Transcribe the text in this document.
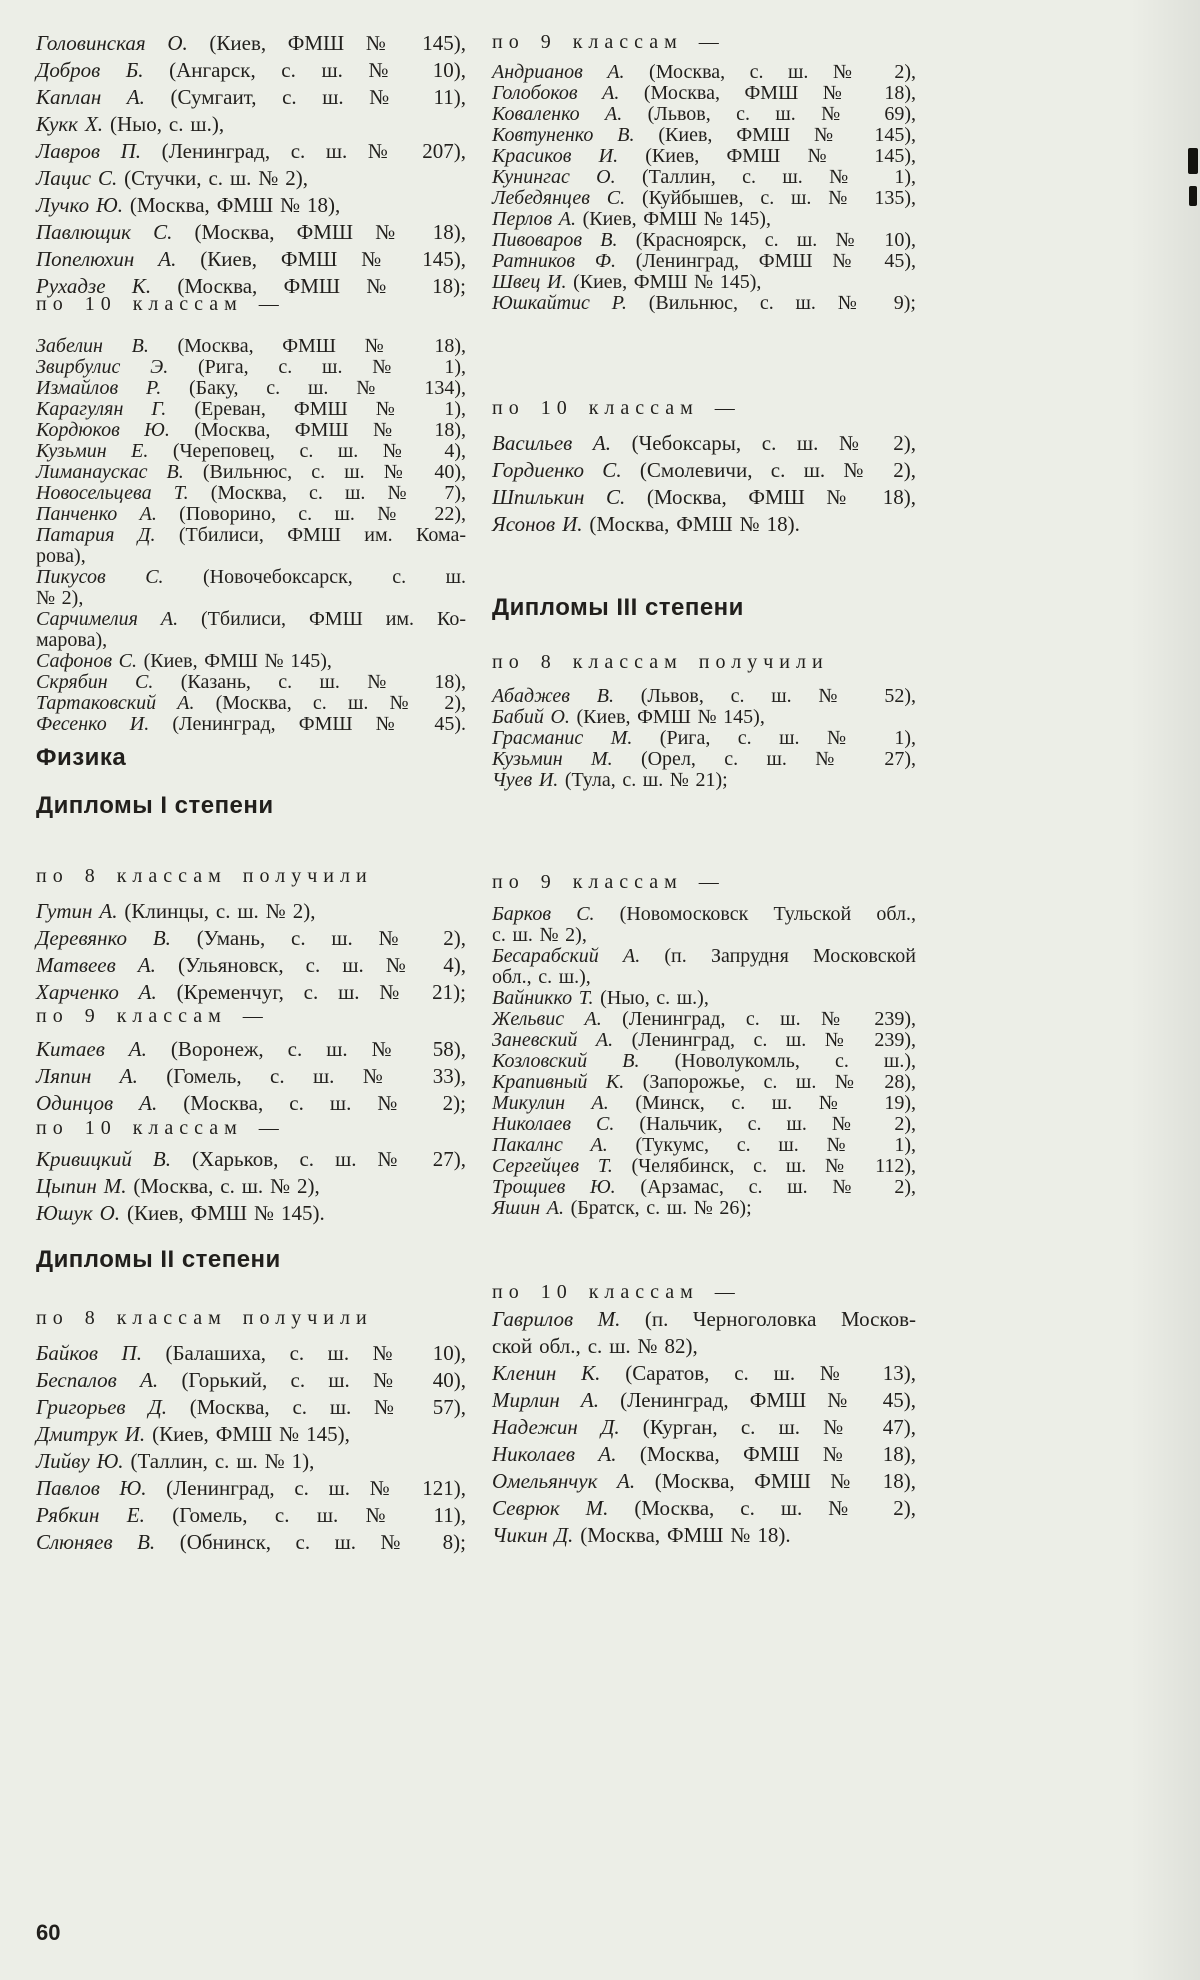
Головинская О. (Киев, ФМШ № 145),
Добров Б. (Ангарск, с. ш. № 10),
Каплан А. (Сумгаит, с. ш. № 11),
Кукк Х. (Ныо, с. ш.),
Лавров П. (Ленинград, с. ш. № 207),
Лацис С. (Стучки, с. ш. № 2),
Лучко Ю. (Москва, ФМШ № 18),
Павлющик С. (Москва, ФМШ № 18),
Попелюхин А. (Киев, ФМШ № 145),
Рухадзе К. (Москва, ФМШ № 18);
по 10 классам —
Забелин В. (Москва, ФМШ № 18),
Звирбулис Э. (Рига, с. ш. № 1),
Измайлов Р. (Баку, с. ш. № 134),
Карагулян Г. (Ереван, ФМШ № 1),
Кордюков Ю. (Москва, ФМШ № 18),
Кузьмин Е. (Череповец, с. ш. № 4),
Лиманаускас В. (Вильнюс, с. ш. № 40),
Новосельцева Т. (Москва, с. ш. № 7),
Панченко А. (Поворино, с. ш. № 22),
Патария Д. (Тбилиси, ФМШ им. Кома-
рова),
Пикусов С. (Новочебоксарск, с. ш.
№ 2),
Сарчимелия А. (Тбилиси, ФМШ им. Ко-
марова),
Сафонов С. (Киев, ФМШ № 145),
Скрябин С. (Казань, с. ш. № 18),
Тартаковский А. (Москва, с. ш. № 2),
Фесенко И. (Ленинград, ФМШ № 45).
Физика
Дипломы I степени
по 8 классам получили
Гутин А. (Клинцы, с. ш. № 2),
Деревянко В. (Умань, с. ш. № 2),
Матвеев А. (Ульяновск, с. ш. № 4),
Харченко А. (Кременчуг, с. ш. № 21);
по 9 классам —
Китаев А. (Воронеж, с. ш. № 58),
Ляпин А. (Гомель, с. ш. № 33),
Одинцов А. (Москва, с. ш. № 2);
по 10 классам —
Кривицкий В. (Харьков, с. ш. № 27),
Цыпин М. (Москва, с. ш. № 2),
Юшук О. (Киев, ФМШ № 145).
Дипломы II степени
по 8 классам получили
Байков П. (Балашиха, с. ш. № 10),
Беспалов А. (Горький, с. ш. № 40),
Григорьев Д. (Москва, с. ш. № 57),
Дмитрук И. (Киев, ФМШ № 145),
Лийву Ю. (Таллин, с. ш. № 1),
Павлов Ю. (Ленинград, с. ш. № 121),
Рябкин Е. (Гомель, с. ш. № 11),
Слюняев В. (Обнинск, с. ш. № 8);
по 9 классам —
Андрианов А. (Москва, с. ш. № 2),
Голобоков А. (Москва, ФМШ № 18),
Коваленко А. (Львов, с. ш. № 69),
Ковтуненко В. (Киев, ФМШ № 145),
Красиков И. (Киев, ФМШ № 145),
Кунингас О. (Таллин, с. ш. № 1),
Лебедянцев С. (Куйбышев, с. ш. № 135),
Перлов А. (Киев, ФМШ № 145),
Пивоваров В. (Красноярск, с. ш. № 10),
Ратников Ф. (Ленинград, ФМШ № 45),
Швец И. (Киев, ФМШ № 145),
Юшкайтис Р. (Вильнюс, с. ш. № 9);
по 10 классам —
Васильев А. (Чебоксары, с. ш. № 2),
Гордиенко С. (Смолевичи, с. ш. № 2),
Шпилькин С. (Москва, ФМШ № 18),
Ясонов И. (Москва, ФМШ № 18).
Дипломы III степени
по 8 классам получили
Абаджев В. (Львов, с. ш. № 52),
Бабий О. (Киев, ФМШ № 145),
Грасманис М. (Рига, с. ш. № 1),
Кузьмин М. (Орел, с. ш. № 27),
Чуев И. (Тула, с. ш. № 21);
по 9 классам —
Барков С. (Новомосковск Тульской обл.,
с. ш. № 2),
Бесарабский А. (п. Запрудня Московской
обл., с. ш.),
Вайникко Т. (Ныо, с. ш.),
Жельвис А. (Ленинград, с. ш. № 239),
Заневский А. (Ленинград, с. ш. № 239),
Козловский В. (Новолукомль, с. ш.),
Крапивный К. (Запорожье, с. ш. № 28),
Микулин А. (Минск, с. ш. № 19),
Николаев С. (Нальчик, с. ш. № 2),
Пакалнс А. (Тукумс, с. ш. № 1),
Сергейцев Т. (Челябинск, с. ш. № 112),
Трощиев Ю. (Арзамас, с. ш. № 2),
Яшин А. (Братск, с. ш. № 26);
по 10 классам —
Гаврилов М. (п. Черноголовка Москов-
ской обл., с. ш. № 82),
Кленин К. (Саратов, с. ш. № 13),
Мирлин А. (Ленинград, ФМШ № 45),
Надежин Д. (Курган, с. ш. № 47),
Николаев А. (Москва, ФМШ № 18),
Омельянчук А. (Москва, ФМШ № 18),
Севрюк М. (Москва, с. ш. № 2),
Чикин Д. (Москва, ФМШ № 18).
60
